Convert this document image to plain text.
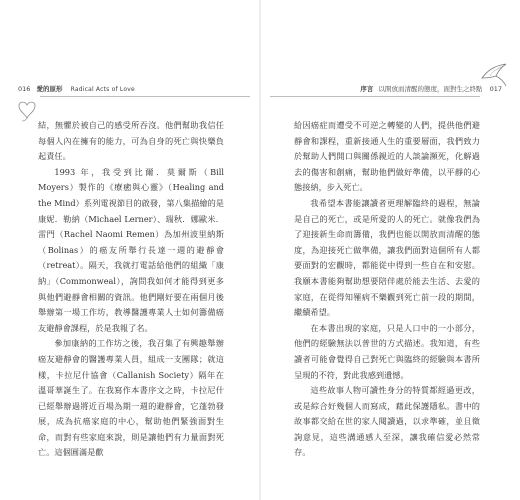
016 愛的原形 Radical Acts of Love	序言 以開放而清醒的態度，面對生之終點 017

結，無懼於被自己的感受所吞沒。他們幫助我信任每個人內在擁有的能力，可為自身的死亡與快樂負起責任。

1993 年，我受到比爾．莫爾斯（Bill Moyers）製作的《療癒與心靈》（Healing and the Mind）系列電視節目的啟發，第八集描繪的是康妮．勒納（Michael Lerner）、瑞秋．娜歐米．雷門（Rachel Naomi Remen）為加州波里納斯（Bolinas）的癌友所舉行長達一週的避靜會（retreat）。隔天，我就打電話給他們的組織「康納」（Commonweal），詢問我如何才能得到更多與他們避靜會相關的資訊。他們剛好要在兩個月後舉辦第一場工作坊，教導醫護專業人士如何籌備癌友避靜會課程，於是我報了名。

參加康納的工作坊之後，我召集了有興趣舉辦癌友避靜會的醫護專業人員，組成一支團隊；就這樣，卡拉尼什協會（Callanish Society）隔年在溫哥華誕生了。在我寫作本書序文之時，卡拉尼什已經舉辦過將近百場為期一週的避靜會，它蓬勃發展，成為抗癌家庭的中心，幫助他們緊強面對生命，而對有些家庭來說，則是讓他們有力量面對死亡。這個圓滿是歡

給因癌症而遭受不可逆之轉變的人們，提供他們避靜會和課程，重新接通人生的重要層面，我們致力於幫助人們開口與關係親近的人談論瀕死，化解過去的傷害和創痛，幫助他們做好準備，以平靜的心態接納，步入死亡。

我希望本書能讓讀者更理解臨終的過程，無論是自己的死亡，或是所愛的人的死亡。就像我們為了迎接新生命而籌備，我們也能以開放而清醒的態度，為迎接死亡做準備，讓我們面對這個所有人都要面對的宏觀時，都能從中得到一些自在和安慰。我願本書能夠幫助想要陪伴處於能去生活、去愛的家庭，在從得知罹病不樂觀到死亡前一段的期間，繼續希望。

在本書出現的家庭，只是人口中的一小部分，他們的經驗無法以普世的方式描述。我知道，有些讀者可能會覺得自己對死亡與臨終的經驗與本書所呈現的不符，對此我感到遺憾。

這些故事人物可讀性身分的特質都經過更改，或是綜合好幾個人而寫成，藉此保護隱私。書中的故事都交給在世的家人閱讀過，以求準確，並且徵詢意見，這些溝通感人至深，讓我確信愛必然常存。
